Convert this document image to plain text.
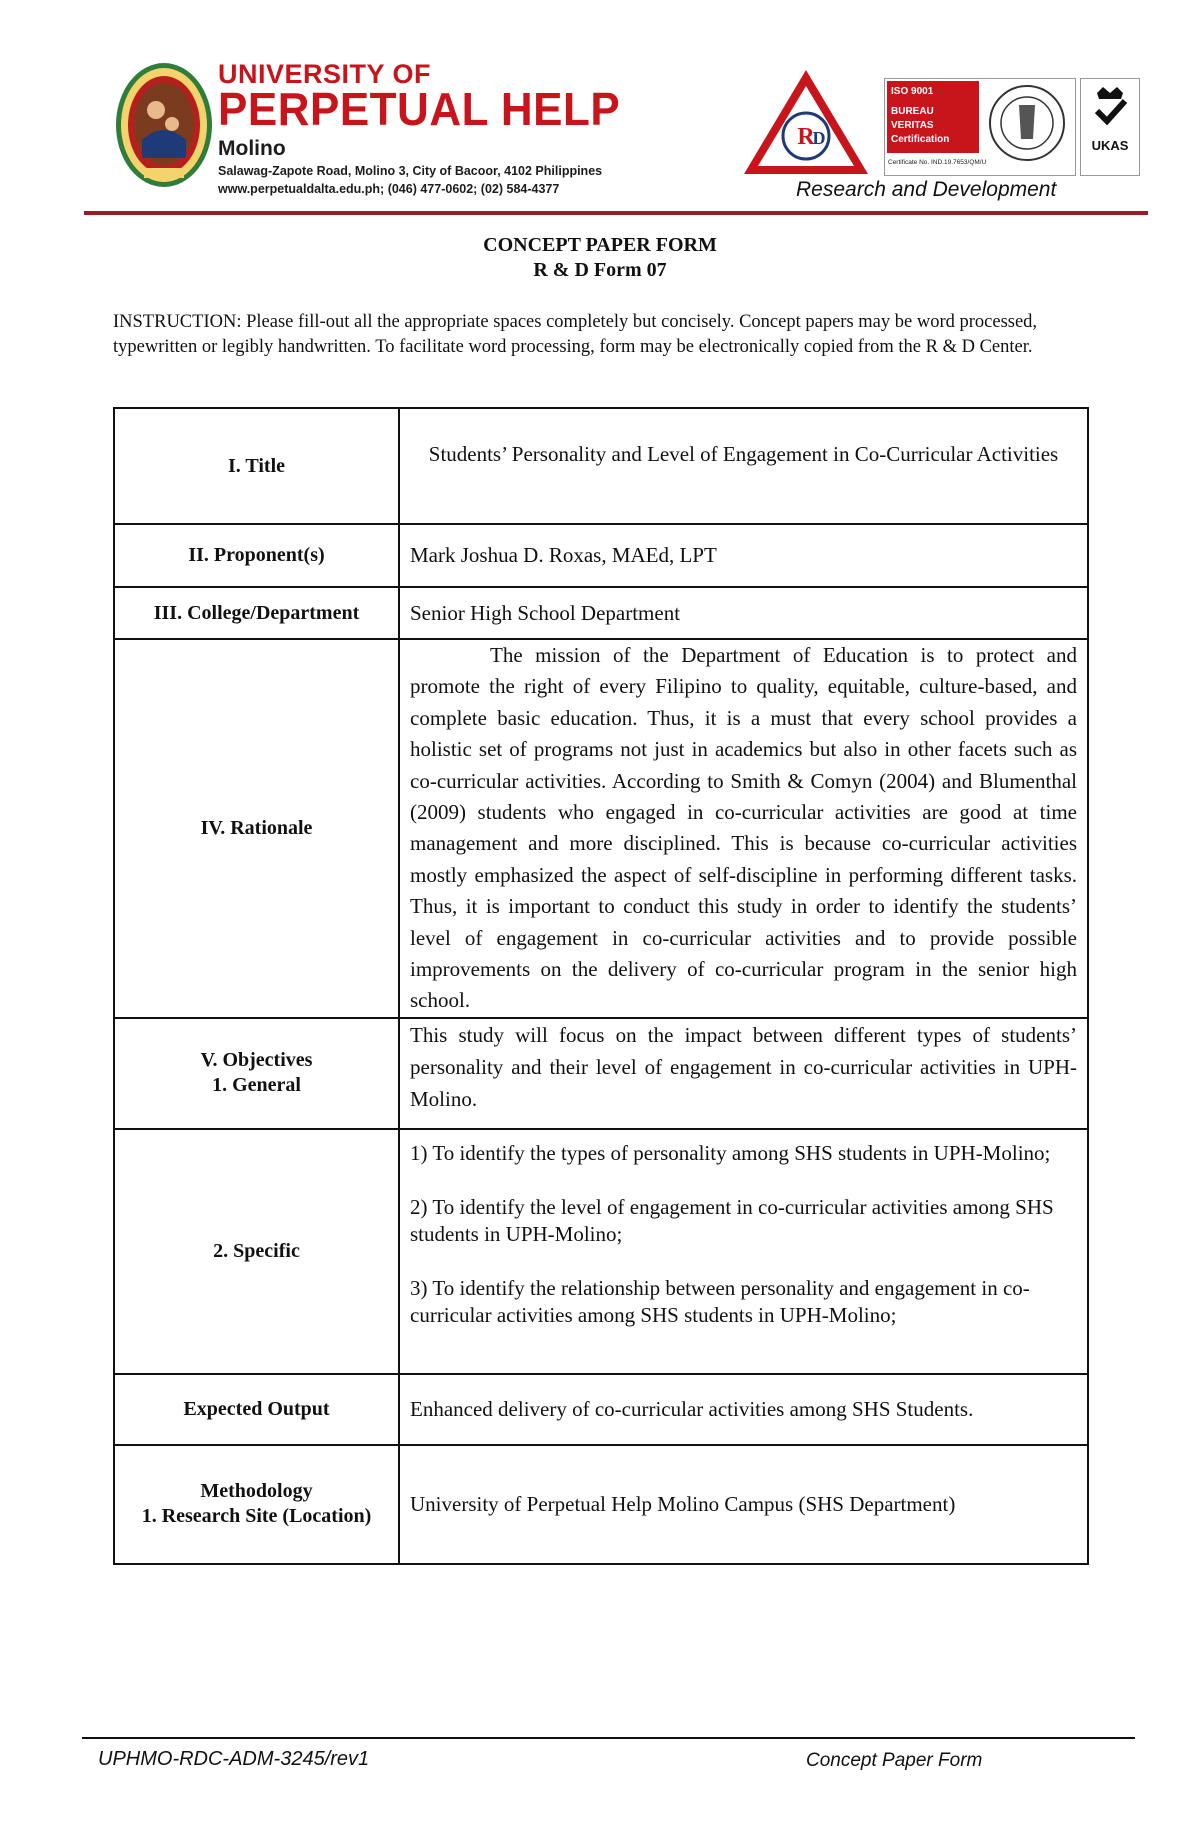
UNIVERSITY OF
PERPETUAL HELP
Molino
Salawag-Zapote Road, Molino 3, City of Bacoor, 4102 Philippines
www.perpetualdalta.edu.ph; (046) 477-0602; (02) 584-4377
R
D
ISO 9001
BUREAU VERITAS
Certification
Certificate No. IND.19.7653/QM/U
UKAS
Research and Development
CONCEPT PAPER FORM
R & D Form 07
INSTRUCTION: Please fill-out all the appropriate spaces completely but concisely. Concept papers may be word processed, typewritten or legibly handwritten. To facilitate word processing, form may be electronically copied from the R & D Center.
I. Title	Students’ Personality and Level of Engagement in Co-Curricular Activities
II. Proponent(s)	Mark Joshua D. Roxas, MAEd, LPT
III. College/Department	Senior High School Department
IV. Rationale	The mission of the Department of Education is to protect and promote the right of every Filipino to quality, equitable, culture-based, and complete basic education. Thus, it is a must that every school provides a holistic set of programs not just in academics but also in other facets such as co-curricular activities. According to Smith & Comyn (2004) and Blumenthal (2009) students who engaged in co-curricular activities are good at time management and more disciplined. This is because co-curricular activities mostly emphasized the aspect of self-discipline in performing different tasks. Thus, it is important to conduct this study in order to identify the students’ level of engagement in co-curricular activities and to provide possible improvements on the delivery of co-curricular program in the senior high school.

V. Objectives
1. General	This study will focus on the impact between different types of students’ personality and their level of engagement in co-curricular activities in UPH-Molino.
2. Specific	1) To identify the types of personality among SHS students in UPH-Molino;
2) To identify the level of engagement in co-curricular activities among SHS students in UPH-Molino;
3) To identify the relationship between personality and engagement in co-curricular activities among SHS students in UPH-Molino;

Expected Output	Enhanced delivery of co-curricular activities among SHS Students.

Methodology
1. Research Site (Location)	University of Perpetual Help Molino Campus (SHS Department)
UPHMO-RDC-ADM-3245/rev1	Concept Paper Form
